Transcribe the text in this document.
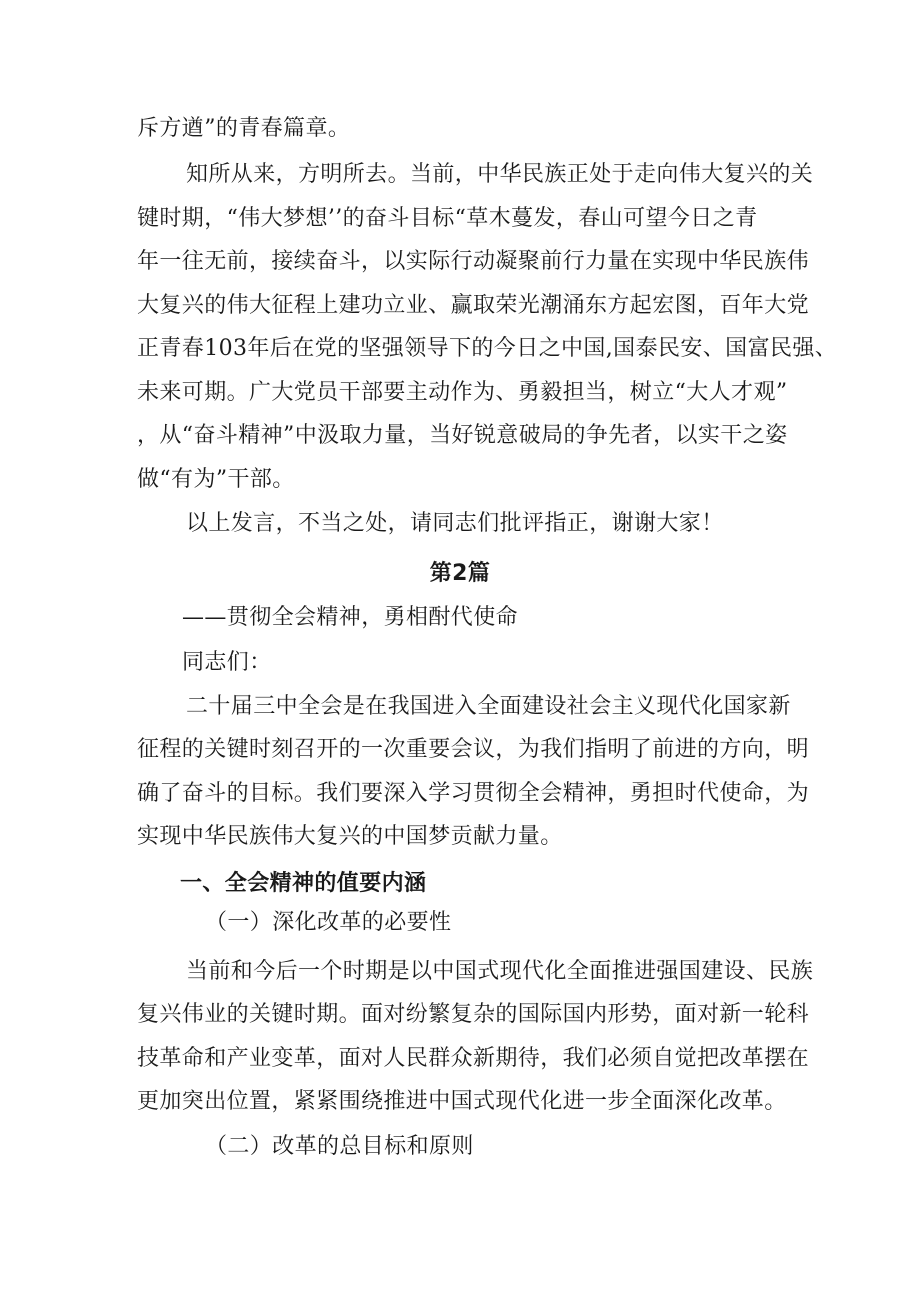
斥方遒”的青春篇章。
知所从来，方明所去。当前，中华民族正处于走向伟大复兴的关
键时期，“伟大梦想’’的奋斗目标“草木蔓发，春山可望今日之青
年一往无前，接续奋斗，以实际行动凝聚前行力量在实现中华民族伟
大复兴的伟大征程上建功立业、赢取荣光潮涌东方起宏图，百年大党
正青春103年后在党的坚强领导下的今日之中国,国泰民安、国富民强、
未来可期。广大党员干部要主动作为、勇毅担当，树立“大人才观”
，从“奋斗精神”中汲取力量，当好锐意破局的争先者，以实干之姿
做“有为”干部。
以上发言，不当之处，请同志们批评指正，谢谢大家！
第2篇
——贯彻全会精神，勇相酎代使命
同志们：
二十届三中全会是在我国进入全面建设社会主义现代化国家新
征程的关键时刻召开的一次重要会议，为我们指明了前进的方向，明
确了奋斗的目标。我们要深入学习贯彻全会精神，勇担时代使命，为
实现中华民族伟大复兴的中国梦贡献力量。
一、全会精神的值要内涵
（一）深化改革的必要性
当前和今后一个时期是以中国式现代化全面推进强国建设、民族
复兴伟业的关键时期。面对纷繁复杂的国际国内形势，面对新一轮科
技革命和产业变革，面对人民群众新期待，我们必须自觉把改革摆在
更加突出位置，紧紧围绕推进中国式现代化进一步全面深化改革。
（二）改革的总目标和原则
